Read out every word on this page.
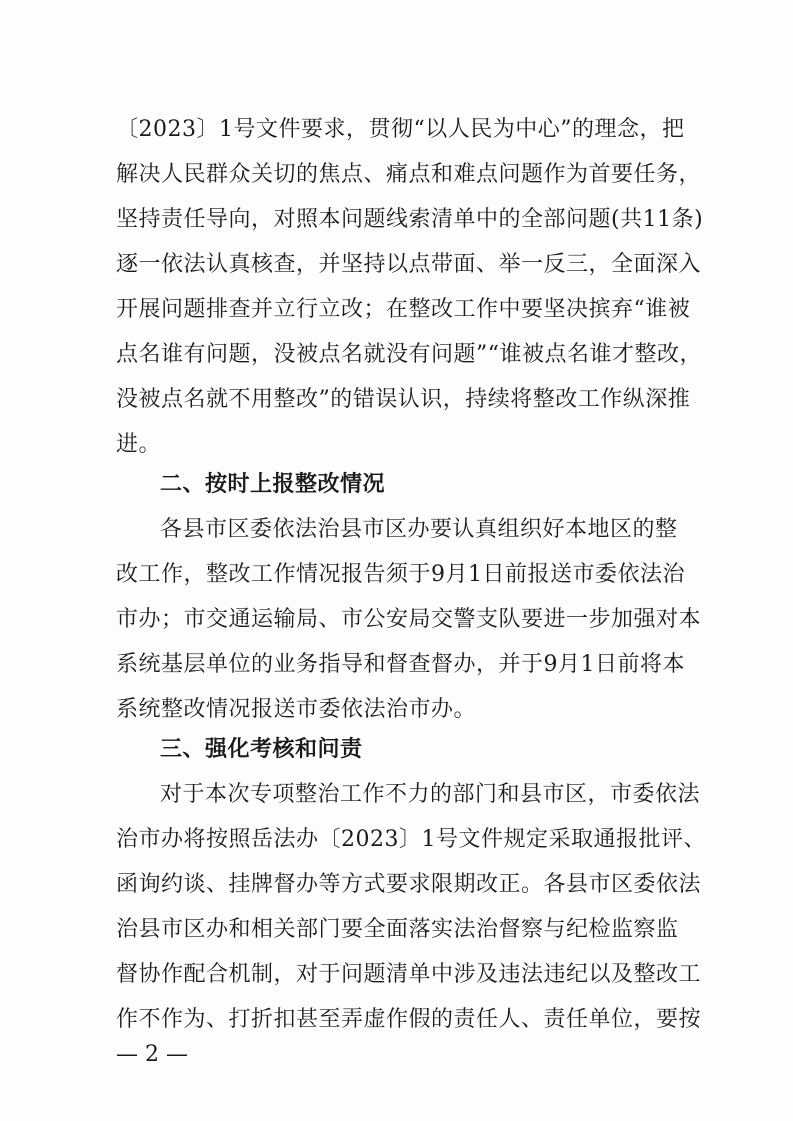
〔2023〕1号文件要求，贯彻“以人民为中心”的理念，把
解决人民群众关切的焦点、痛点和难点问题作为首要任务，
坚持责任导向，对照本问题线索清单中的全部问题(共11条)
逐一依法认真核查，并坚持以点带面、举一反三，全面深入
开展问题排查并立行立改；在整改工作中要坚决摈弃“谁被
点名谁有问题，没被点名就没有问题”“谁被点名谁才整改，
没被点名就不用整改”的错误认识，持续将整改工作纵深推
进。
二、按时上报整改情况
各县市区委依法治县市区办要认真组织好本地区的整
改工作，整改工作情况报告须于9月1日前报送市委依法治
市办；市交通运输局、市公安局交警支队要进一步加强对本
系统基层单位的业务指导和督查督办，并于9月1日前将本
系统整改情况报送市委依法治市办。
三、强化考核和问责
对于本次专项整治工作不力的部门和县市区，市委依法
治市办将按照岳法办〔2023〕1号文件规定采取通报批评、
函询约谈、挂牌督办等方式要求限期改正。各县市区委依法
治县市区办和相关部门要全面落实法治督察与纪检监察监
督协作配合机制，对于问题清单中涉及违法违纪以及整改工
作不作为、打折扣甚至弄虚作假的责任人、责任单位，要按
— 2 —
